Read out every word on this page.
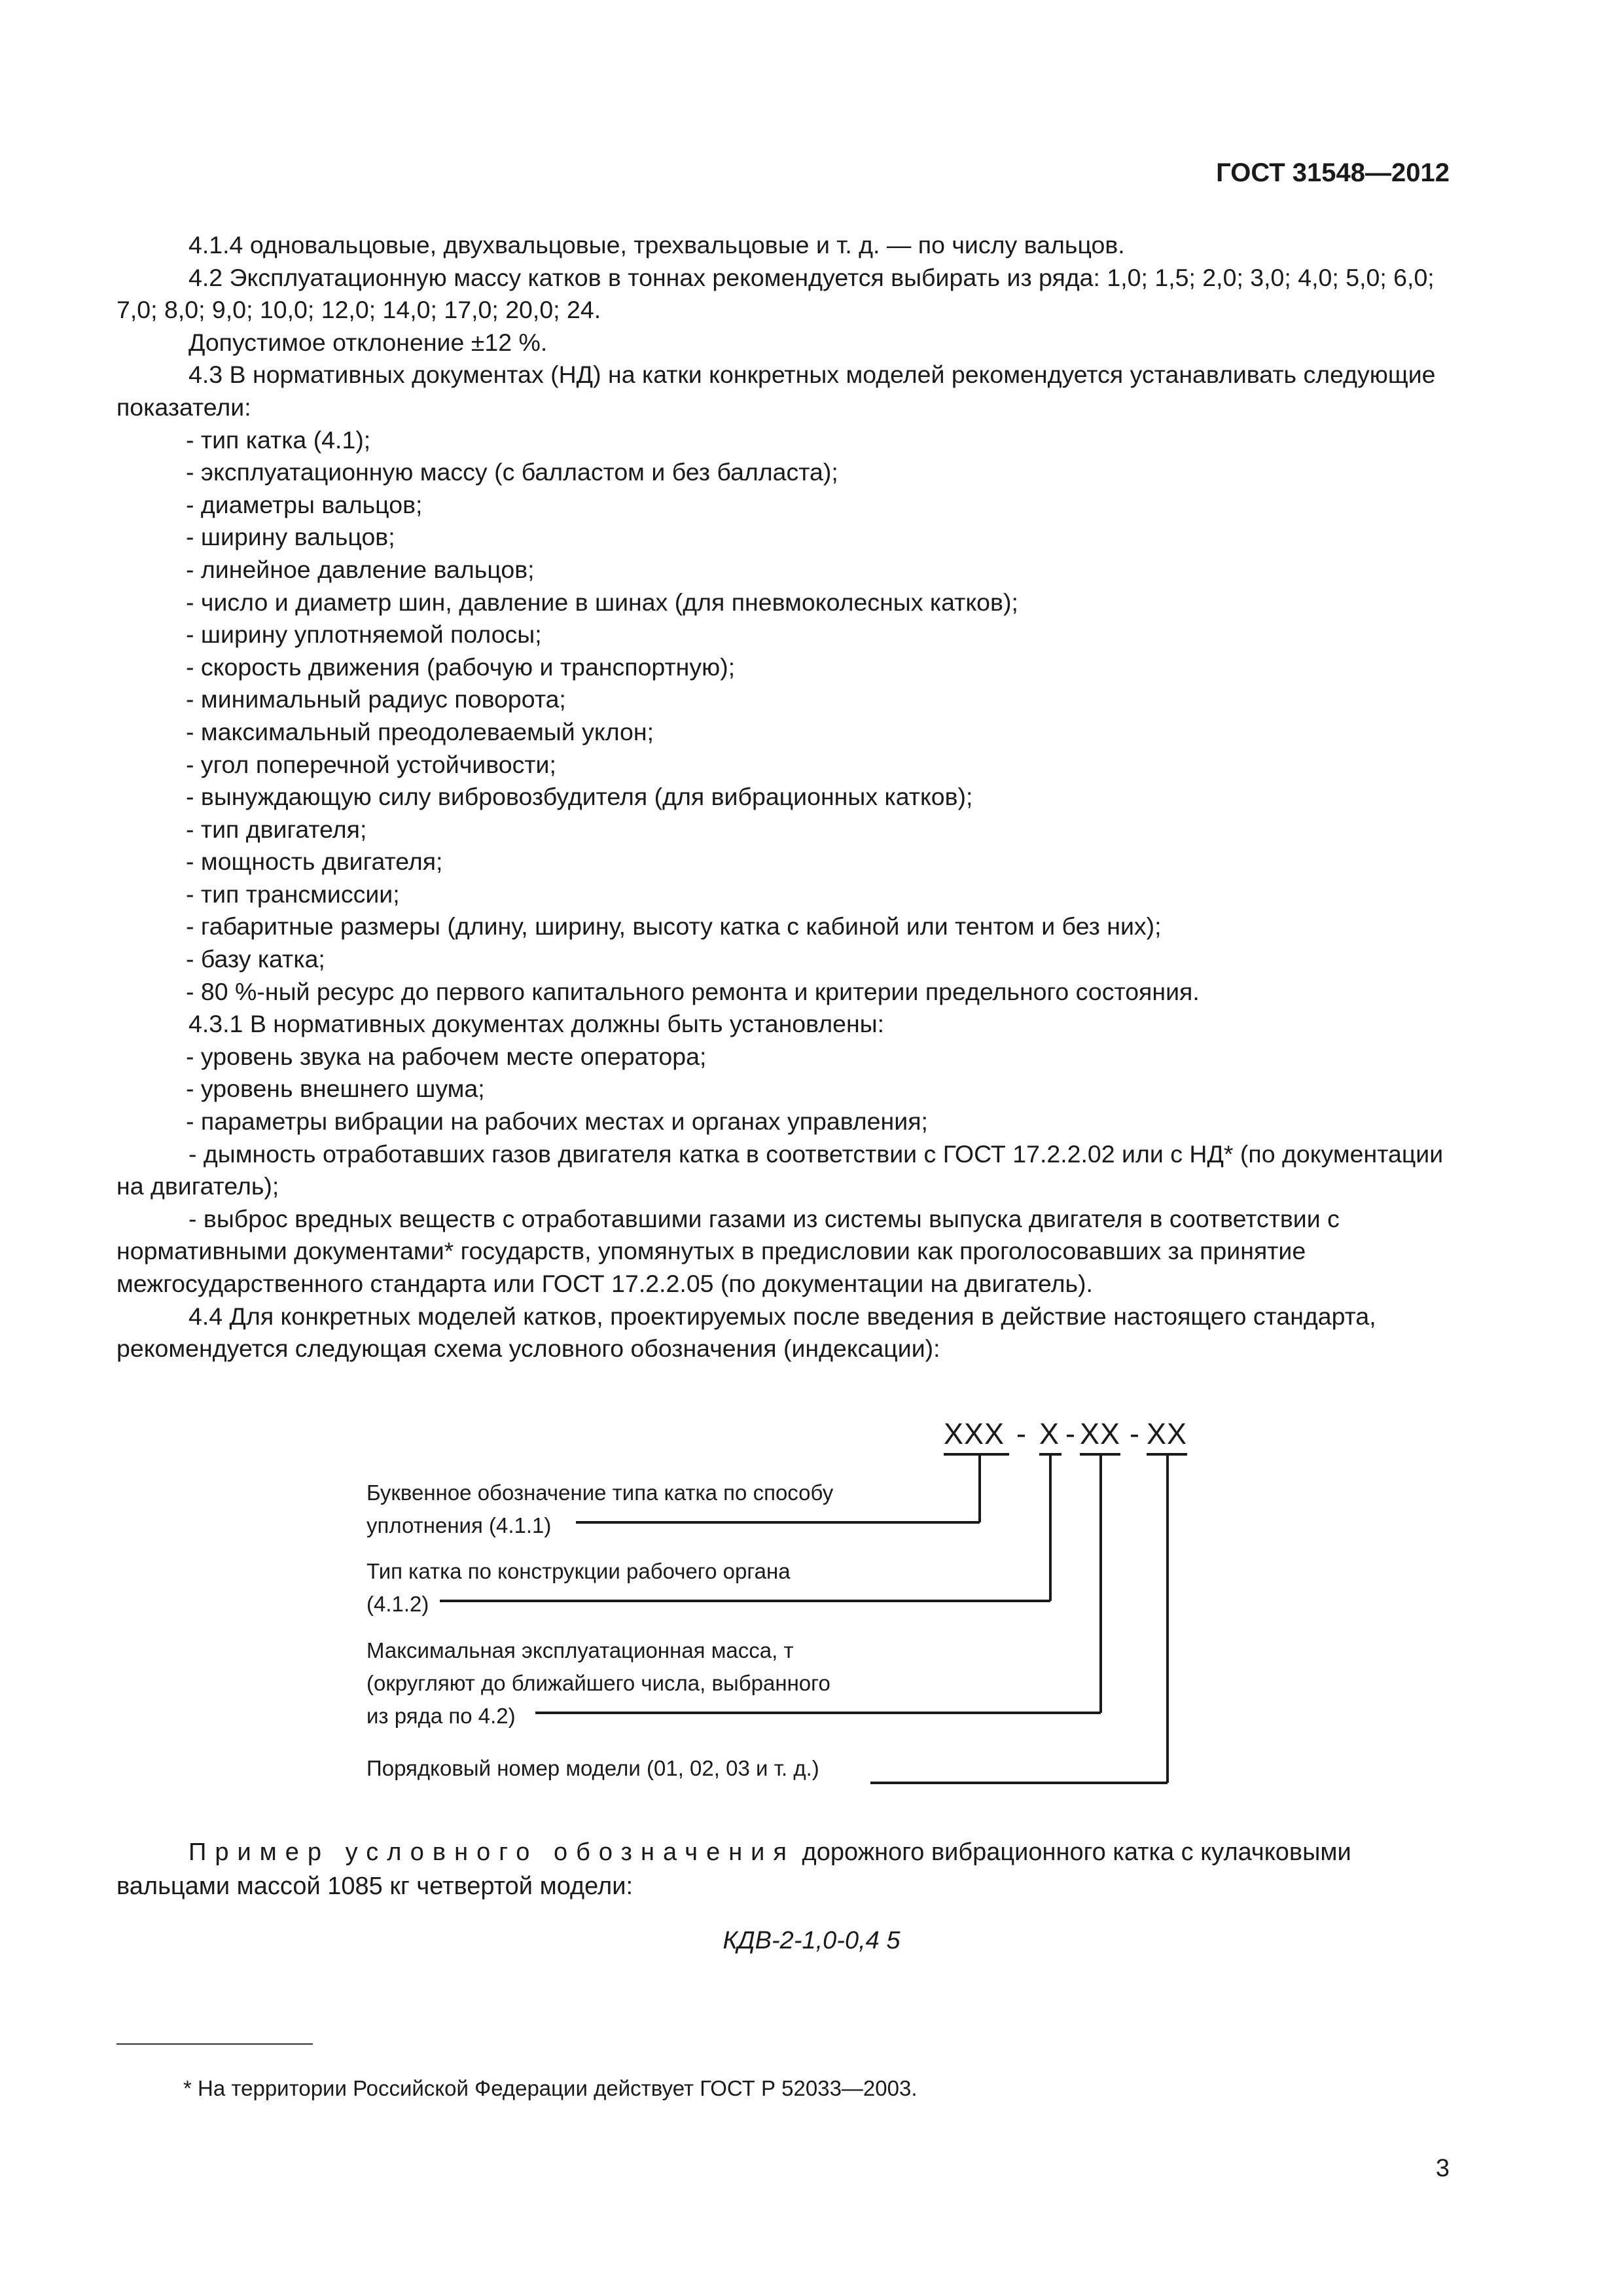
ГОСТ 31548—2012

4.1.4 одновальцовые, двухвальцовые, трехвальцовые и т. д. — по числу вальцов.

4.2 Эксплуатационную массу катков в тоннах рекомендуется выбирать из ряда: 1,0; 1,5; 2,0; 3,0; 4,0; 5,0; 6,0; 7,0; 8,0; 9,0; 10,0; 12,0; 14,0; 17,0; 20,0; 24.

Допустимое отклонение ±12 %.

4.3 В нормативных документах (НД) на катки конкретных моделей рекомендуется устанавливать следующие показатели:

- тип катка (4.1);

- эксплуатационную массу (с балластом и без балласта);

- диаметры вальцов;

- ширину вальцов;

- линейное давление вальцов;

- число и диаметр шин, давление в шинах (для пневмоколесных катков);

- ширину уплотняемой полосы;

- скорость движения (рабочую и транспортную);

- минимальный радиус поворота;

- максимальный преодолеваемый уклон;

- угол поперечной устойчивости;

- вынуждающую силу вибровозбудителя (для вибрационных катков);

- тип двигателя;

- мощность двигателя;

- тип трансмиссии;

- габаритные размеры (длину, ширину, высоту катка с кабиной или тентом и без них);

- базу катка;

- 80 %-ный ресурс до первого капитального ремонта и критерии предельного состояния.

4.3.1 В нормативных документах должны быть установлены:

- уровень звука на рабочем месте оператора;

- уровень внешнего шума;

- параметры вибрации на рабочих местах и органах управления;

- дымность отработавших газов двигателя катка в соответствии с ГОСТ 17.2.2.02 или с НД* (по документации на двигатель);

- выброс вредных веществ с отработавшими газами из системы выпуска двигателя в соответствии с нормативными документами* государств, упомянутых в предисловии как проголосовавших за принятие межгосударственного стандарта или ГОСТ 17.2.2.05 (по документации на двигатель).

4.4 Для конкретных моделей катков, проектируемых после введения в действие настоящего стандарта, рекомендуется следующая схема условного обозначения (индексации):

ХХХ - Х - ХХ - ХХ
Буквенное обозначение типа катка по способу
уплотнения (4.1.1)
Тип катка по конструкции рабочего органа
(4.1.2)
Максимальная эксплуатационная масса, т
(округляют до ближайшего числа, выбранного
из ряда по 4.2)
Порядковый номер модели (01, 02, 03 и т. д.)
Пример условного обозначения дорожного вибрационного катка с кулачковыми вальцами массой 1085 кг четвертой модели:
КДВ-2-1,0-0,4 5
* На территории Российской Федерации действует ГОСТ Р 52033—2003.
3
